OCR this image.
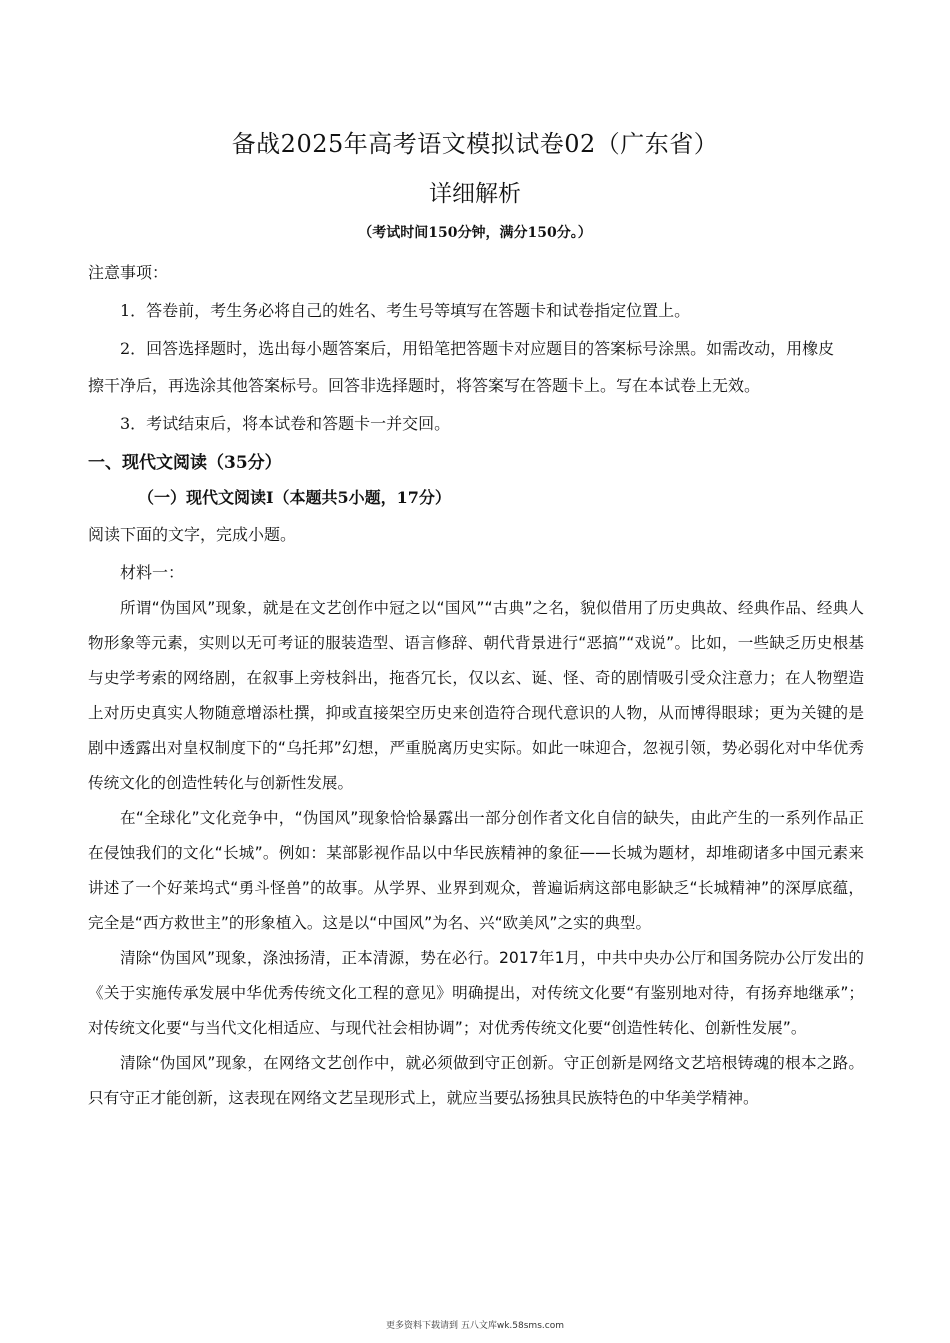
备战2025年高考语文模拟试卷02（广东省）
详细解析
（考试时间150分钟，满分150分。）
注意事项：
1．答卷前，考生务必将自己的姓名、考生号等填写在答题卡和试卷指定位置上。
2．回答选择题时，选出每小题答案后，用铅笔把答题卡对应题目的答案标号涂黑。如需改动，用橡皮
擦干净后，再选涂其他答案标号。回答非选择题时，将答案写在答题卡上。写在本试卷上无效。
3．考试结束后，将本试卷和答题卡一并交回。
一、现代文阅读（35分）
（一）现代文阅读Ⅰ（本题共5小题，17分）
阅读下面的文字，完成小题。
材料一：

所谓“伪国风”现象，就是在文艺创作中冠之以“国风”“古典”之名，貌似借用了历史典故、经典作品、经典人物形象等元素，实则以无可考证的服装造型、语言修辞、朝代背景进行“恶搞”“戏说”。比如，一些缺乏历史根基与史学考索的网络剧，在叙事上旁枝斜出，拖沓冗长，仅以玄、诞、怪、奇的剧情吸引受众注意力；在人物塑造上对历史真实人物随意增添杜撰，抑或直接架空历史来创造符合现代意识的人物，从而博得眼球；更为关键的是剧中透露出对皇权制度下的“乌托邦”幻想，严重脱离历史实际。如此一味迎合，忽视引领，势必弱化对中华优秀传统文化的创造性转化与创新性发展。

在“全球化”文化竞争中，“伪国风”现象恰恰暴露出一部分创作者文化自信的缺失，由此产生的一系列作品正在侵蚀我们的文化“长城”。例如：某部影视作品以中华民族精神的象征——长城为题材，却堆砌诸多中国元素来讲述了一个好莱坞式“勇斗怪兽”的故事。从学界、业界到观众，普遍诟病这部电影缺乏“长城精神”的深厚底蕴，完全是“西方救世主”的形象植入。这是以“中国风”为名、兴“欧美风”之实的典型。

清除“伪国风”现象，涤浊扬清，正本清源，势在必行。2017年1月，中共中央办公厅和国务院办公厅发出的《关于实施传承发展中华优秀传统文化工程的意见》明确提出，对传统文化要“有鉴别地对待，有扬弃地继承”；对传统文化要“与当代文化相适应、与现代社会相协调”；对优秀传统文化要“创造性转化、创新性发展”。

清除“伪国风”现象，在网络文艺创作中，就必须做到守正创新。守正创新是网络文艺培根铸魂的根本之路。只有守正才能创新，这表现在网络文艺呈现形式上，就应当要弘扬独具民族特色的中华美学精神。

更多资料下载请到 五八文库wk.58sms.com
